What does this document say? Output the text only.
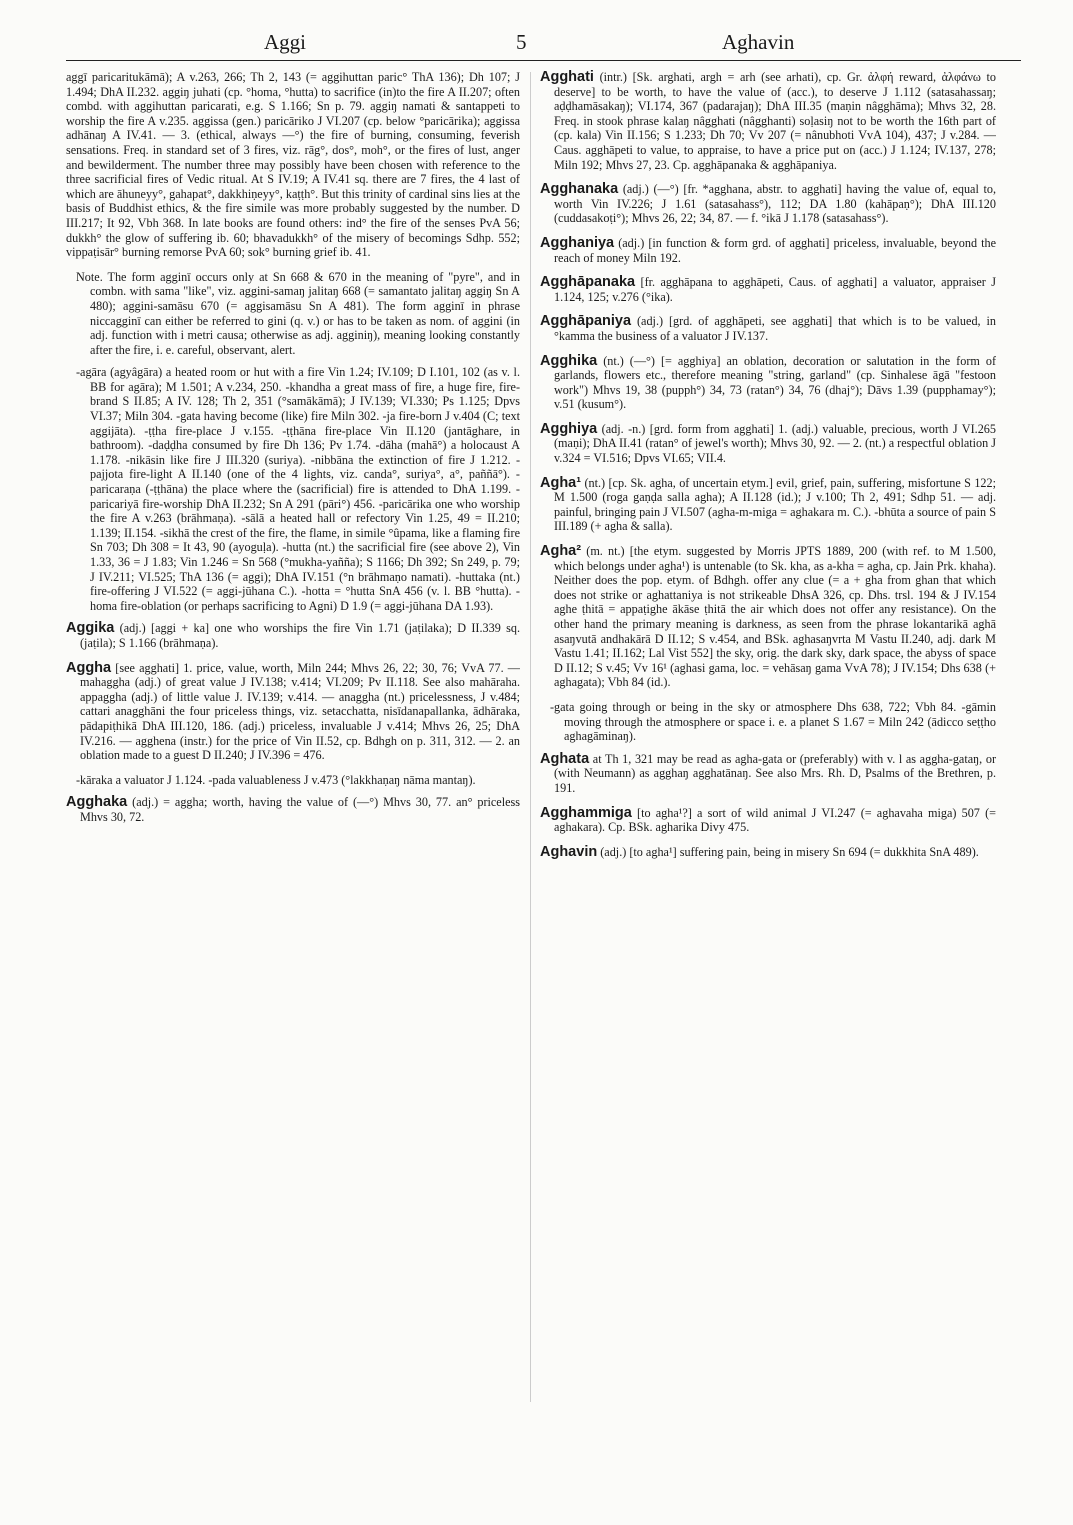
Aggi	5	Aghavin

aggī paricaritukāmā); A v.263, 266; Th 2, 143 (= aggihuttan paric° ThA 136); Dh 107; J 1.494; DhA II.232. aggiŋ juhati (cp. °homa, °hutta) to sacrifice (in)to the fire A II.207; often combd. with aggihuttan paricarati, e.g. S 1.166; Sn p. 79. aggiŋ namati & santappeti to worship the fire A v.235. aggissa (gen.) paricāriko J VI.207 (cp. below °paricārika); aggissa adhānaŋ A IV.41. — 3. (ethical, always —°) the fire of burning, consuming, feverish sensations. Freq. in standard set of 3 fires, viz. rāg°, dos°, moh°, or the fires of lust, anger and bewilderment. The number three may possibly have been chosen with reference to the three sacrificial fires of Vedic ritual. At S IV.19; A IV.41 sq. there are 7 fires, the 4 last of which are āhuneyy°, gahapat°, dakkhiṇeyy°, kaṭṭh°. But this trinity of cardinal sins lies at the basis of Buddhist ethics, & the fire simile was more probably suggested by the number. D III.217; It 92, Vbh 368. In late books are found others: ind° the fire of the senses PvA 56; dukkh° the glow of suffering ib. 60; bhavadukkh° of the misery of becomings Sdhp. 552; vippaṭisār° burning remorse PvA 60; sok° burning grief ib. 41.

Note. The form agginī occurs only at Sn 668 & 670 in the meaning of "pyre", and in combn. with sama "like", viz. aggini-samaŋ jalitaŋ 668 (= samantato jalitaŋ aggiŋ Sn A 480); aggini-samāsu 670 (= aggisamāsu Sn A 481). The form agginī in phrase niccagginī can either be referred to gini (q. v.) or has to be taken as nom. of aggini (in adj. function with i metri causa; otherwise as adj. agginiŋ), meaning looking constantly after the fire, i. e. careful, observant, alert.

-agāra (agyâgāra) a heated room or hut with a fire Vin 1.24; IV.109; D I.101, 102 (as v. l. BB for agāra); M 1.501; A v.234, 250. -khandha a great mass of fire, a huge fire, fire-brand S II.85; A IV. 128; Th 2, 351 (°samākāmā); J IV.139; VI.330; Ps 1.125; Dpvs VI.37; Miln 304. -gata having become (like) fire Miln 302. -ja fire-born J v.404 (C; text aggijāta). -ṭṭha fire-place J v.155. -ṭṭhāna fire-place Vin II.120 (jantāghare, in bathroom). -daḍḍha consumed by fire Dh 136; Pv 1.74. -dāha (mahā°) a holocaust A 1.178. -nikāsin like fire J III.320 (suriya). -nibbāna the extinction of fire J 1.212. -pajjota fire-light A II.140 (one of the 4 lights, viz. canda°, suriya°, a°, paññā°). -paricaraṇa (-ṭṭhāna) the place where the (sacrificial) fire is attended to DhA 1.199. -paricariyā fire-worship DhA II.232; Sn A 291 (pāri°) 456. -paricārika one who worship the fire A v.263 (brāhmaṇa). -sālā a heated hall or refectory Vin 1.25, 49 = II.210; 1.139; II.154. -sikhā the crest of the fire, the flame, in simile °ûpama, like a flaming fire Sn 703; Dh 308 = It 43, 90 (ayoguḷa). -hutta (nt.) the sacrificial fire (see above 2), Vin 1.33, 36 = J 1.83; Vin 1.246 = Sn 568 (°mukha-yañña); S 1166; Dh 392; Sn 249, p. 79; J IV.211; VI.525; ThA 136 (= aggi); DhA IV.151 (°n brāhmaṇo namati). -huttaka (nt.) fire-offering J VI.522 (= aggi-jūhana C.). -hotta = °hutta SnA 456 (v. l. BB °hutta). -homa fire-oblation (or perhaps sacrificing to Agni) D 1.9 (= aggi-jūhana DA 1.93).

Aggika (adj.) [aggi + ka] one who worships the fire Vin 1.71 (jaṭilaka); D II.339 sq. (jaṭila); S 1.166 (brāhmaṇa).

Aggha [see agghati] 1. price, value, worth, Miln 244; Mhvs 26, 22; 30, 76; VvA 77. — mahaggha (adj.) of great value J IV.138; v.414; VI.209; Pv II.118. See also mahāraha. appaggha (adj.) of little value J. IV.139; v.414. — anaggha (nt.) pricelessness, J v.484; cattari anagghāni the four priceless things, viz. setacchatta, nisīdanapallanka, ādhāraka, pādapiṭhikā DhA III.120, 186. (adj.) priceless, invaluable J v.414; Mhvs 26, 25; DhA IV.216. — agghena (instr.) for the price of Vin II.52, cp. Bdhgh on p. 311, 312. — 2. an oblation made to a guest D II.240; J IV.396 = 476.

-kāraka a valuator J 1.124. -pada valuableness J v.473 (°lakkhaṇaŋ nāma mantaŋ).

Agghaka (adj.) = aggha; worth, having the value of (—°) Mhvs 30, 77. an° priceless Mhvs 30, 72.

Agghati (intr.) [Sk. arghati, argh = arh (see arhati), cp. Gr. ἀλφή reward, ἀλφάνω to deserve] to be worth, to have the value of (acc.), to deserve J 1.112 (satasahassaŋ; aḍḍhamāsakaŋ); VI.174, 367 (padarajaŋ); DhA III.35 (maṇin nâgghāma); Mhvs 32, 28. Freq. in stook phrase kalaŋ nâgghati (nâgghanti) soḷasiŋ not to be worth the 16th part of (cp. kala) Vin II.156; S 1.233; Dh 70; Vv 207 (= nânubhoti VvA 104), 437; J v.284. — Caus. agghāpeti to value, to appraise, to have a price put on (acc.) J 1.124; IV.137, 278; Miln 192; Mhvs 27, 23. Cp. agghāpanaka & agghāpaniya.

Agghanaka (adj.) (—°) [fr. *agghana, abstr. to agghati] having the value of, equal to, worth Vin IV.226; J 1.61 (satasahass°), 112; DA 1.80 (kahāpaṇ°); DhA III.120 (cuddasakoṭi°); Mhvs 26, 22; 34, 87. — f. °ikā J 1.178 (satasahass°).

Agghaniya (adj.) [in function & form grd. of agghati] priceless, invaluable, beyond the reach of money Miln 192.

Agghāpanaka [fr. agghāpana to agghāpeti, Caus. of agghati] a valuator, appraiser J 1.124, 125; v.276 (°ika).

Agghāpaniya (adj.) [grd. of agghāpeti, see agghati] that which is to be valued, in °kamma the business of a valuator J IV.137.

Agghika (nt.) (—°) [= agghiya] an oblation, decoration or salutation in the form of garlands, flowers etc., therefore meaning "string, garland" (cp. Sinhalese āgā "festoon work") Mhvs 19, 38 (pupph°) 34, 73 (ratan°) 34, 76 (dhaj°); Dāvs 1.39 (pupphamay°); v.51 (kusum°).

Agghiya (adj. -n.) [grd. form from agghati] 1. (adj.) valuable, precious, worth J VI.265 (maṇi); DhA II.41 (ratan° of jewel's worth); Mhvs 30, 92. — 2. (nt.) a respectful oblation J v.324 = VI.516; Dpvs VI.65; VII.4.

Agha¹ (nt.) [cp. Sk. agha, of uncertain etym.] evil, grief, pain, suffering, misfortune S 122; M 1.500 (roga gaṇḍa salla agha); A II.128 (id.); J v.100; Th 2, 491; Sdhp 51. — adj. painful, bringing pain J VI.507 (agha-m-miga = aghakara m. C.). -bhūta a source of pain S III.189 (+ agha & salla).

Agha² (m. nt.) [the etym. suggested by Morris JPTS 1889, 200 (with ref. to M 1.500, which belongs under agha¹) is untenable (to Sk. kha, as a-kha = agha, cp. Jain Prk. khaha). Neither does the pop. etym. of Bdhgh. offer any clue (= a + gha from ghan that which does not strike or aghattaniya is not strikeable DhsA 326, cp. Dhs. trsl. 194 & J IV.154 aghe ṭhitā = appaṭighe ākāse ṭhitā the air which does not offer any resistance). On the other hand the primary meaning is darkness, as seen from the phrase lokantarikā aghā asaŋvutā andhakārā D II.12; S v.454, and BSk. aghasaŋvrta M Vastu II.240, adj. dark M Vastu 1.41; II.162; Lal Vist 552] the sky, orig. the dark sky, dark space, the abyss of space D II.12; S v.45; Vv 16¹ (aghasi gama, loc. = vehāsaŋ gama VvA 78); J IV.154; Dhs 638 (+ aghagata); Vbh 84 (id.).

-gata going through or being in the sky or atmosphere Dhs 638, 722; Vbh 84. -gāmin moving through the atmosphere or space i. e. a planet S 1.67 = Miln 242 (ādicco seṭṭho aghagāminaŋ).

Aghata at Th 1, 321 may be read as agha-gata or (preferably) with v. l as aggha-gataŋ, or (with Neumann) as agghaŋ agghatānaŋ. See also Mrs. Rh. D, Psalms of the Brethren, p. 191.

Agghammiga [to agha¹?] a sort of wild animal J VI.247 (= aghavaha miga) 507 (= aghakara). Cp. BSk. agharika Divy 475.

Aghavin (adj.) [to agha¹] suffering pain, being in misery Sn 694 (= dukkhita SnA 489).
